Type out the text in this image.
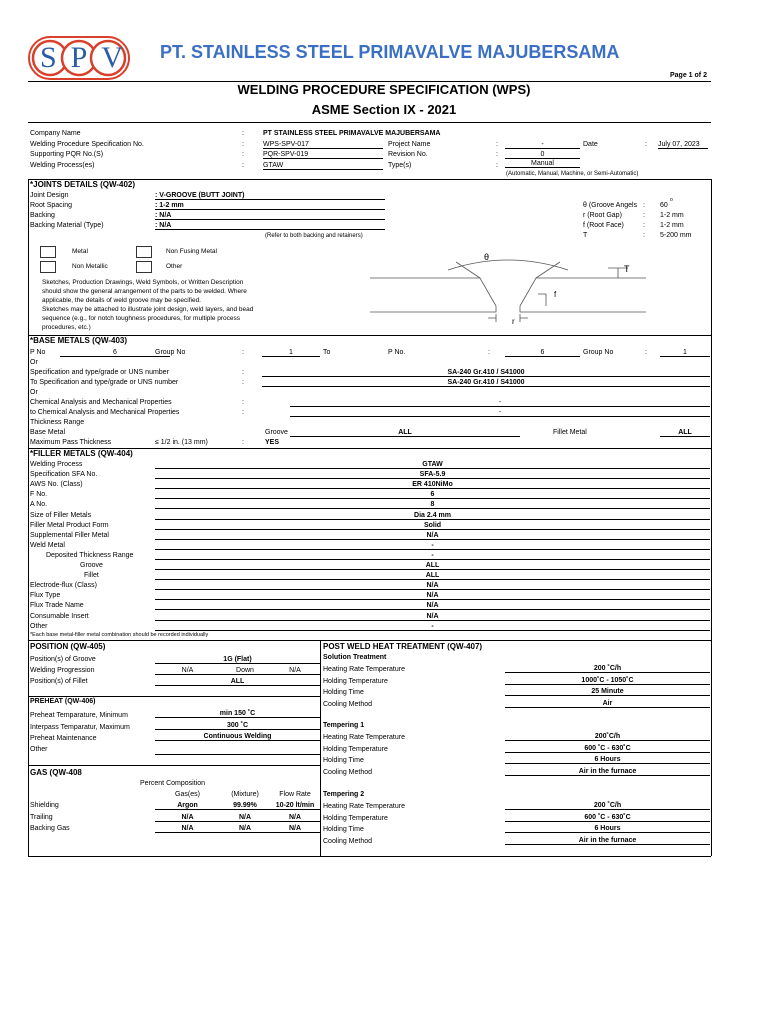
SPV PT. STAINLESS STEEL PRIMAVALVE MAJUBERSAMA
Page 1 of 2
WELDING PROCEDURE SPECIFICATION (WPS)
ASME Section IX - 2021
Company Name	:	PT STAINLESS STEEL PRIMAVALVE MAJUBERSAMA
Welding Procedure Specification No.	:	WPS-SPV-017	Project Name	:	-	Date	: July 07, 2023
Supporting PQR No.(S)	:	PQR-SPV-019	Revision No.	:	0
Welding Process(es)	:	GTAW	Type(s)	:	Manual
(Automatic, Manual, Machine, or Semi-Automatic)
*JOINTS DETAILS (QW-402)
Joint Design	: V-GROOVE (BUTT JOINT)
Root Spacing	: 1-2 mm
Backing	: N/A
Backing Material (Type)	: N/A
(Refer to both backing and retainers)
Metal	Non Fusing Metal
Non Metallic	Other
Sketches, Production Drawings, Weld Symbols, or Written Description
should show the general arrangement of the parts to be welded. Where
applicable, the details of weld groove may be specified.
Sketches may be attached to illustrate joint design, weld layers, and bead
sequence (e.g., for notch toughness procedures, for multiple process
procedures, etc.)
θ (Groove Angels : 60
o
r (Root Gap)	: 1-2 mm
f (Root Face)	: 1-2 mm
T	: 5-200 mm
θ
T
f
r
*BASE METALS (QW-403)
P No	6	Group No	:	1	To	P No.	:	6	Group No	:	1
Or
Specification and type/grade or UNS number	:	SA-240 Gr.410 / S41000
To Specification and type/grade or UNS number	:	SA-240 Gr.410 / S41000
Or
Chemical Analysis and Mechanical Properties	:	-
to Chemical Analysis and Mechanical Properties	:	-
Thickness Range
Base Metal	Groove	ALL	Fillet Metal	ALL
Maximum Pass Thickness	≤ 1/2 in. (13 mm)	:	YES
*FILLER METALS (QW-404)
Welding Process	GTAW
Specification SFA No.	SFA-5.9
AWS No. (Class)	ER 410NiMo
F No.	6
A No.	8
Size of Filler Metals	Dia 2.4 mm
Filler Metal Product Form	Solid
Supplemental Filler Metal	N/A
Weld Metal	-
Deposited Thickness Range	-
Groove	ALL
Fillet	ALL
Electrode-flux (Class)	N/A
Flux Type	N/A
Flux Trade Name	N/A
Consumable Insert	N/A
Other	-
*Each base metal-filler metal combination should be recorded individually
POSITION (QW-405)
Position(s) of Groove	1G (Flat)
Welding Progression	N/A	Down	N/A
Position(s) of Fillet	ALL
PREHEAT (QW-406)
Preheat Temparature, Minimum	min 150 ˚C
Interpass Temparatur, Maximum	300 ˚C
Preheat Maintenance	Continuous Welding
Other
GAS (QW-408
Percent Composition
Gas(es)	(Mixture)	Flow Rate
Shielding	Argon	99.99%	10-20 lt/min
Trailing	N/A	N/A	N/A
Backing Gas	N/A	N/A	N/A
POST WELD HEAT TREATMENT (QW-407)
Solution Treatment
Heating Rate Temperature	200 ˚C/h
Holding Temperature	1000˚C - 1050˚C
Holding Time	25 Minute
Cooling Method	Air
Tempering 1
Heating Rate Temperature	200˚C/h
Holding Temperature	600 ˚C - 630˚C
Holding Time	6 Hours
Cooling Method	Air in the furnace
Tempering 2
Heating Rate Temperature	200 ˚C/h
Holding Temperature	600 ˚C - 630˚C
Holding Time	6 Hours
Cooling Method	Air in the furnace
